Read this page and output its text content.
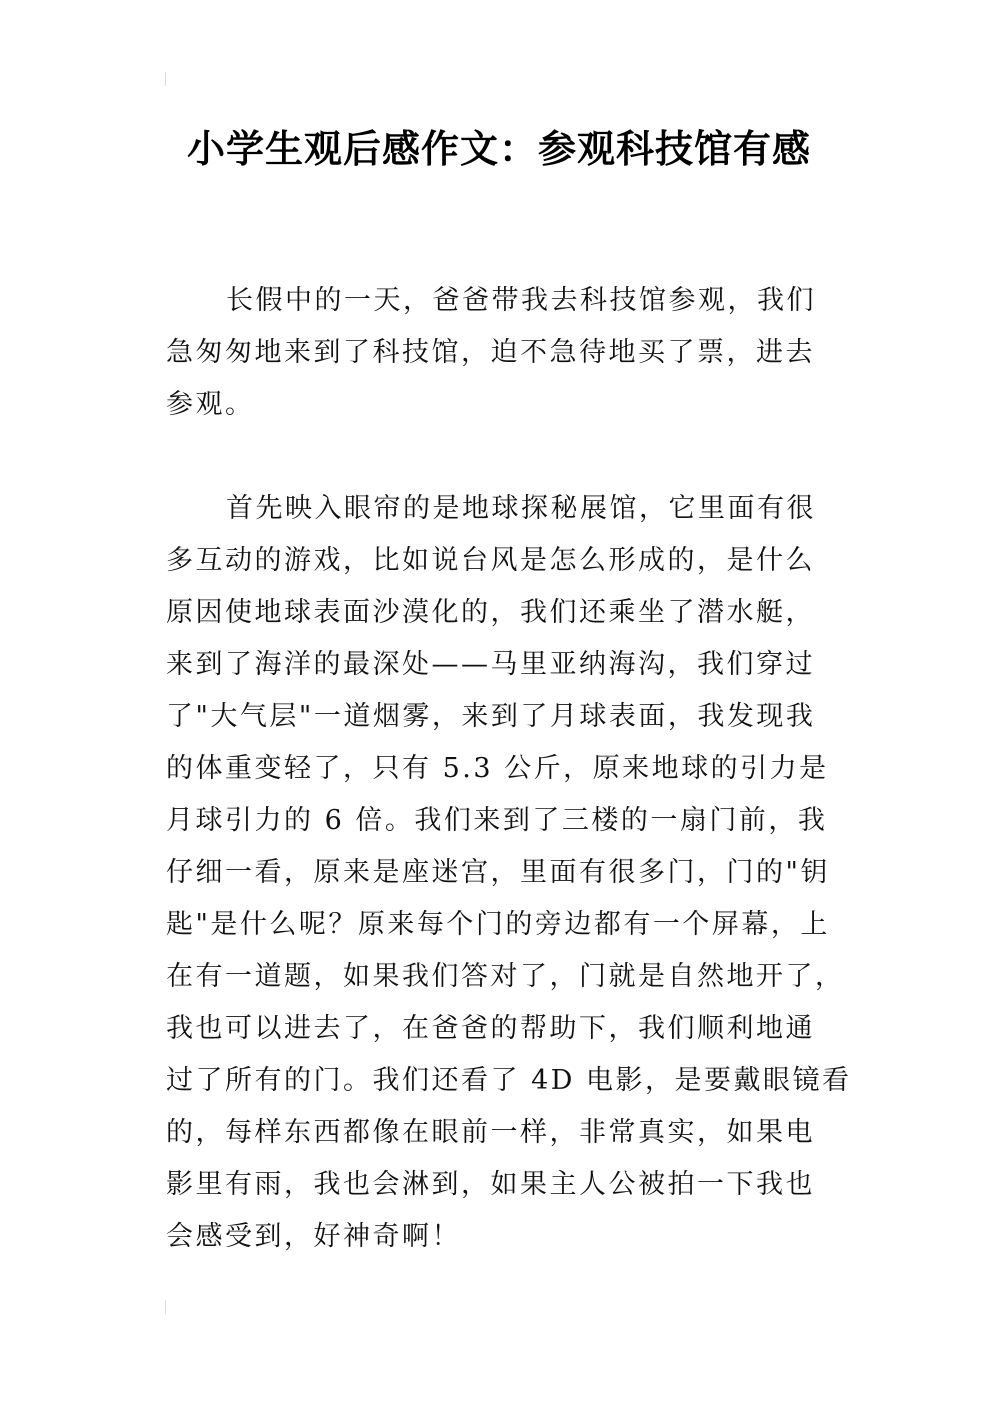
小学生观后感作文：参观科技馆有感
长假中的一天，爸爸带我去科技馆参观，我们
急匆匆地来到了科技馆，迫不急待地买了票，进去
参观。
首先映入眼帘的是地球探秘展馆，它里面有很
多互动的游戏，比如说台风是怎么形成的，是什么
原因使地球表面沙漠化的，我们还乘坐了潜水艇，
来到了海洋的最深处——马里亚纳海沟，我们穿过
了"大气层"一道烟雾，来到了月球表面，我发现我
的体重变轻了，只有 5.3 公斤，原来地球的引力是
月球引力的 6 倍。我们来到了三楼的一扇门前，我
仔细一看，原来是座迷宫，里面有很多门，门的"钥
匙"是什么呢？原来每个门的旁边都有一个屏幕，上
在有一道题，如果我们答对了，门就是自然地开了，
我也可以进去了，在爸爸的帮助下，我们顺利地通
过了所有的门。我们还看了 4D 电影，是要戴眼镜看
的，每样东西都像在眼前一样，非常真实，如果电
影里有雨，我也会淋到，如果主人公被拍一下我也
会感受到，好神奇啊！
